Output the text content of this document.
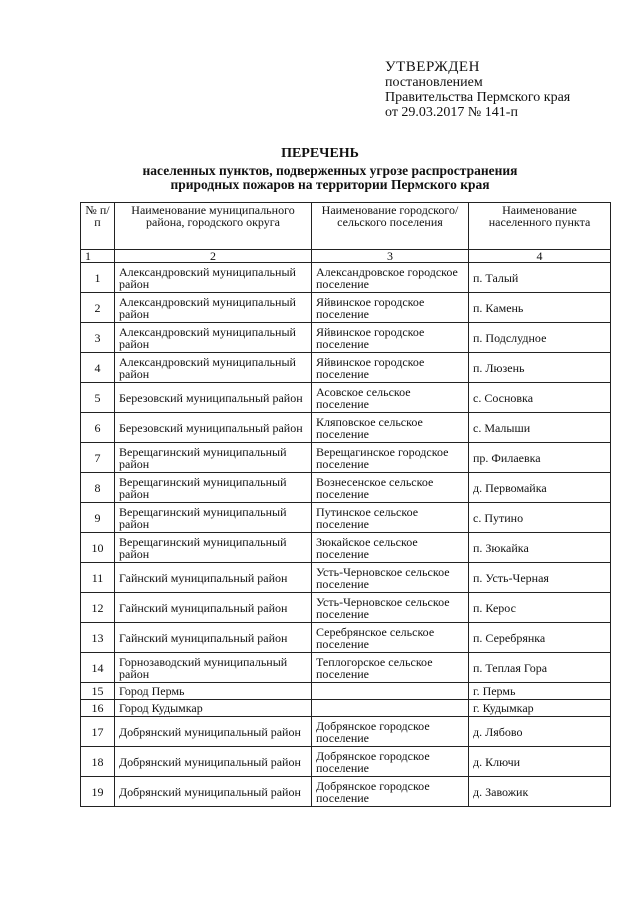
УТВЕРЖДЕН
постановлением
Правительства Пермского края
от 29.03.2017 № 141-п
ПЕРЕЧЕНЬ
населенных пунктов, подверженных угрозе распространения
природных пожаров на территории Пермского края
№ п/п	Наименование муниципального района, городского округа	Наименование городского/сельского поселения	Наименование населенного пункта
1	2	3	4
1	Александровский муниципальный район	Александровское городское поселение	п. Талый
2	Александровский муниципальный район	Яйвинское городское поселение	п. Камень
3	Александровский муниципальный район	Яйвинское городское поселение	п. Подслудное
4	Александровский муниципальный район	Яйвинское городское поселение	п. Люзень
5	Березовский муниципальный район	Асовское сельское поселение	с. Сосновка
6	Березовский муниципальный район	Кляповское сельское поселение	с. Малыши
7	Верещагинский муниципальный район	Верещагинское городское поселение	пр. Филаевка
8	Верещагинский муниципальный район	Вознесенское сельское поселение	д. Первомайка
9	Верещагинский муниципальный район	Путинское сельское поселение	с. Путино
10	Верещагинский муниципальный район	Зюкайское сельское поселение	п. Зюкайка
11	Гайнский муниципальный район	Усть-Черновское сельское поселение	п. Усть-Черная
12	Гайнский муниципальный район	Усть-Черновское сельское поселение	п. Керос
13	Гайнский муниципальный район	Серебрянское сельское поселение	п. Серебрянка
14	Горнозаводский муниципальный район	Теплогорское сельское поселение	п. Теплая Гора
15	Город Пермь		г. Пермь
16	Город Кудымкар		г. Кудымкар
17	Добрянский муниципальный район	Добрянское городское поселение	д. Лябово
18	Добрянский муниципальный район	Добрянское городское поселение	д. Ключи
19	Добрянский муниципальный район	Добрянское городское поселение	д. Завожик
